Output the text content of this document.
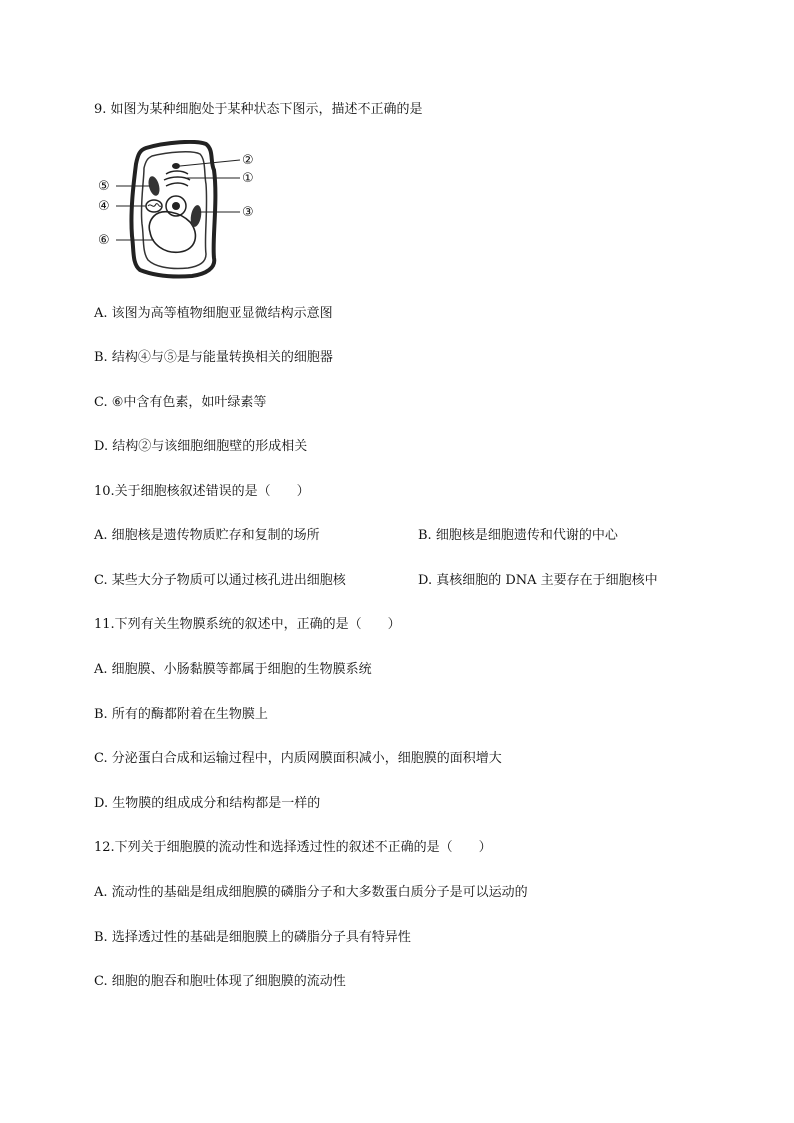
9. 如图为某种细胞处于某种状态下图示，描述不正确的是
②
①
⑤
④	③
⑥
A. 该图为高等植物细胞亚显微结构示意图
B. 结构④与⑤是与能量转换相关的细胞器
C. ⑥中含有色素，如叶绿素等
D. 结构②与该细胞细胞壁的形成相关
10.关于细胞核叙述错误的是（　　）
A. 细胞核是遗传物质贮存和复制的场所	B. 细胞核是细胞遗传和代谢的中心
C. 某些大分子物质可以通过核孔进出细胞核	D. 真核细胞的 DNA 主要存在于细胞核中
11.下列有关生物膜系统的叙述中，正确的是（　　）
A. 细胞膜、小肠黏膜等都属于细胞的生物膜系统
B. 所有的酶都附着在生物膜上
C. 分泌蛋白合成和运输过程中，内质网膜面积减小，细胞膜的面积增大
D. 生物膜的组成成分和结构都是一样的
12.下列关于细胞膜的流动性和选择透过性的叙述不正确的是（　　）
A. 流动性的基础是组成细胞膜的磷脂分子和大多数蛋白质分子是可以运动的
B. 选择透过性的基础是细胞膜上的磷脂分子具有特异性
C. 细胞的胞吞和胞吐体现了细胞膜的流动性
